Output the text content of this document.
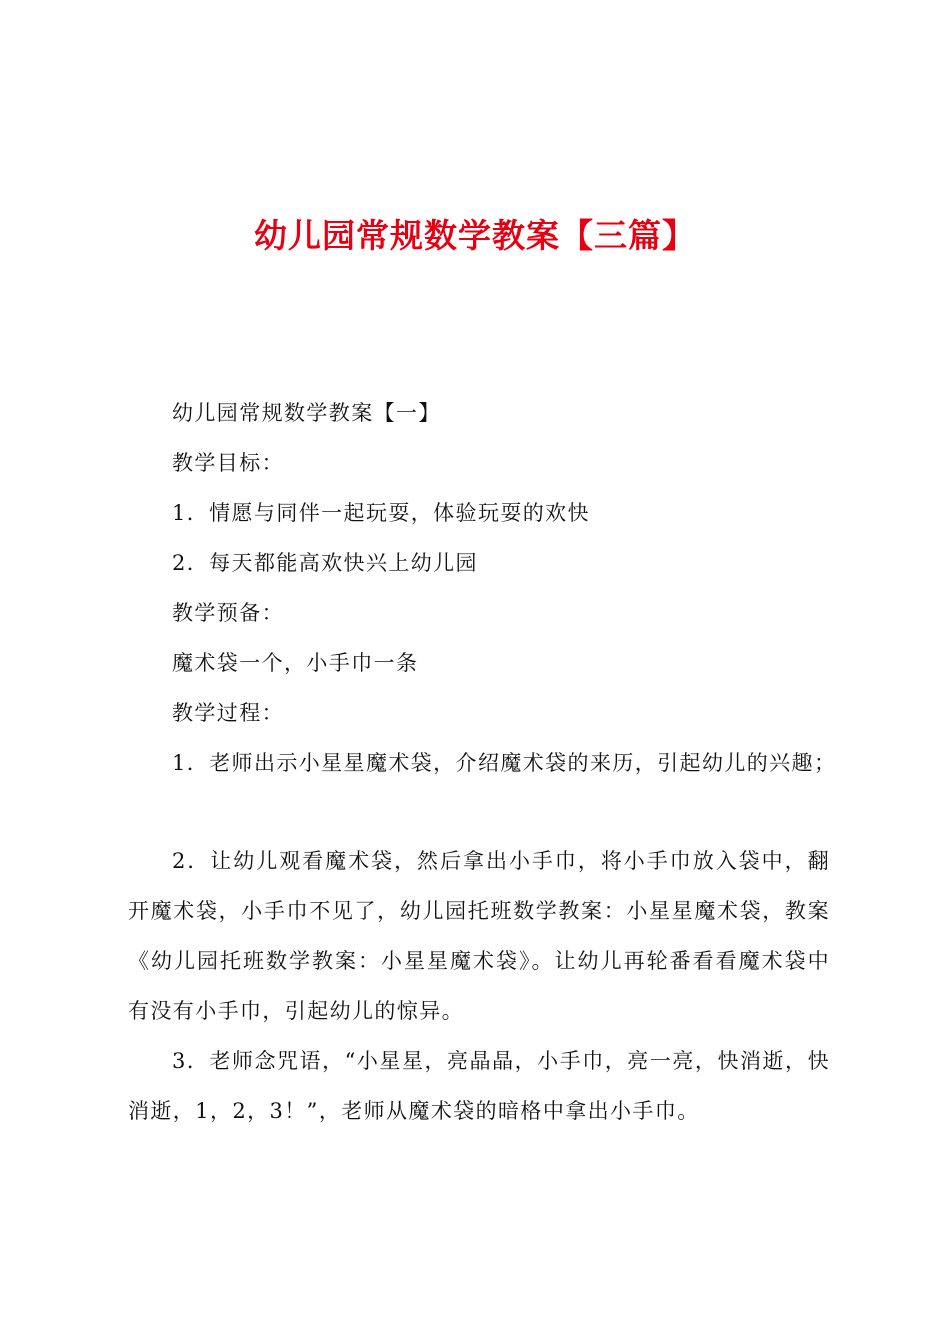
幼儿园常规数学教案【三篇】
幼儿园常规数学教案【一】
教学目标：
1．情愿与同伴一起玩耍，体验玩耍的欢快
2．每天都能高欢快兴上幼儿园
教学预备：
魔术袋一个，小手巾一条
教学过程：
1．老师出示小星星魔术袋，介绍魔术袋的来历，引起幼儿的兴趣；
2．让幼儿观看魔术袋，然后拿出小手巾，将小手巾放入袋中，翻开魔术袋，小手巾不见了，幼儿园托班数学教案：小星星魔术袋，教案《幼儿园托班数学教案：小星星魔术袋》。让幼儿再轮番看看魔术袋中有没有小手巾，引起幼儿的惊异。
3．老师念咒语，“小星星，亮晶晶，小手巾，亮一亮，快消逝，快消逝，1，2，3！”，老师从魔术袋的暗格中拿出小手巾。
